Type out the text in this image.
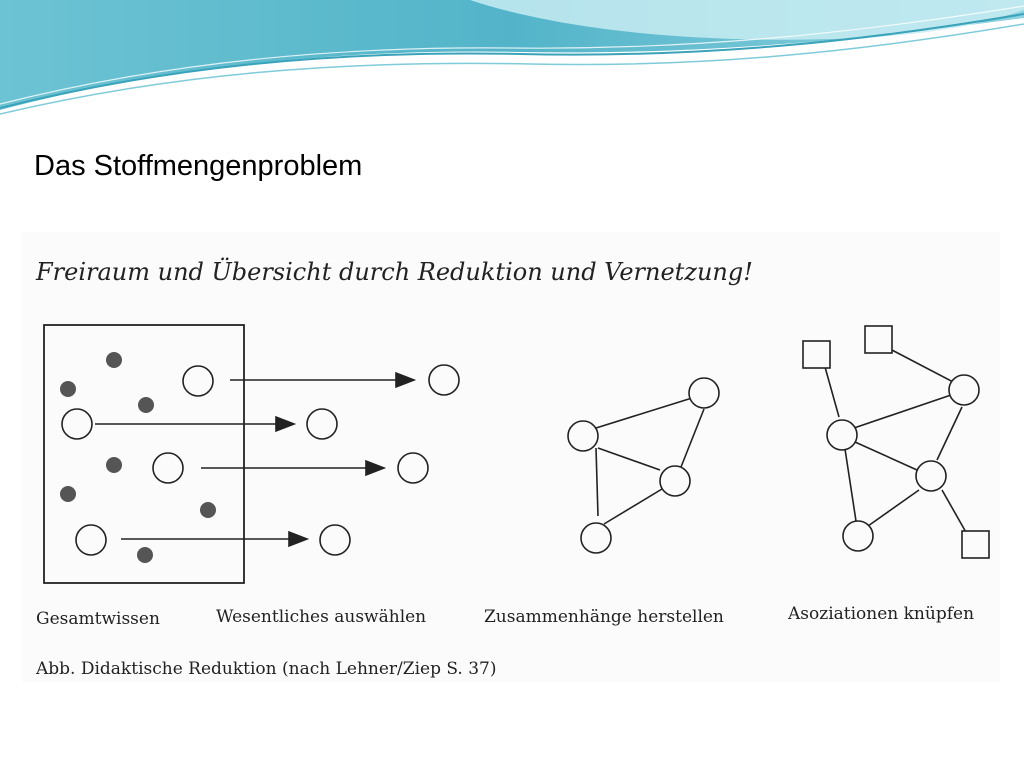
Das Stoffmengenproblem
Freiraum und Übersicht durch Reduktion und Vernetzung!
Gesamtwissen	Wesentliches auswählen	Zusammenhänge herstellen	Asoziationen knüpfen
Abb. Didaktische Reduktion (nach Lehner/Ziep S. 37)
